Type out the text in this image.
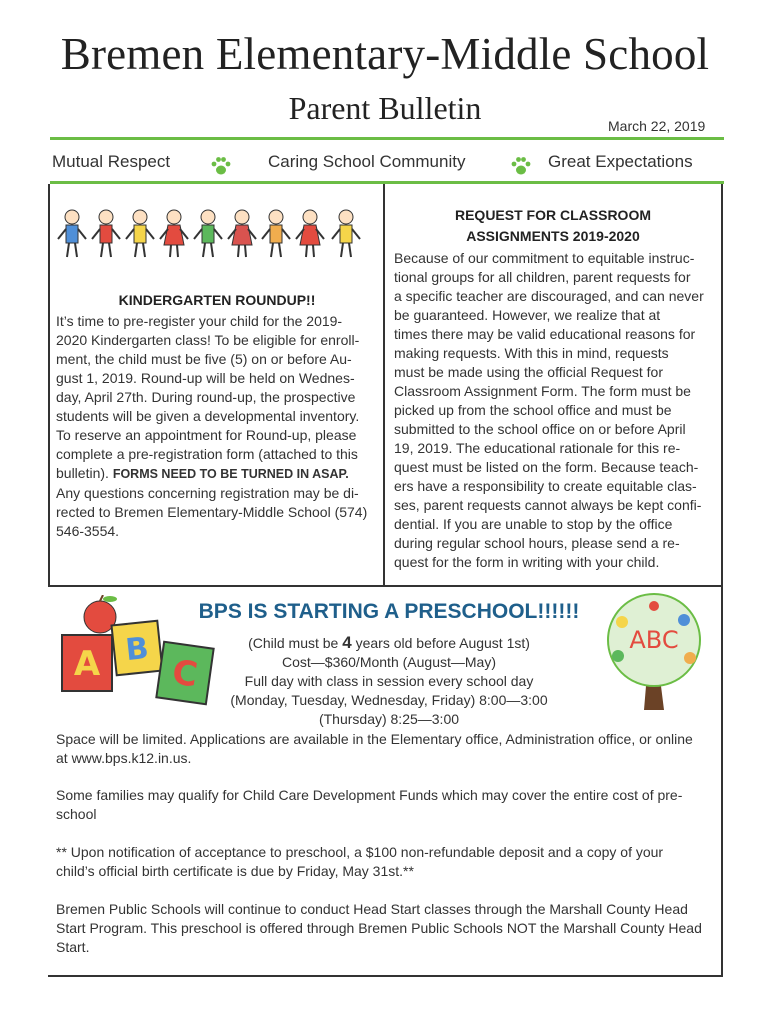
Bremen Elementary-Middle School
Parent Bulletin	March 22, 2019
Mutual Respect	Caring School Community	Great Expectations
KINDERGARTEN ROUNDUP!!
It’s time to pre-register your child for the 2019-
2020 Kindergarten class! To be eligible for enroll-
ment, the child must be five (5) on or before Au-
gust 1, 2019. Round-up will be held on Wednes-
day, April 27th. During round-up, the prospective
students will be given a developmental inventory.
To reserve an appointment for Round-up, please
complete a pre-registration form (attached to this
bulletin). FORMS NEED TO BE TURNED IN ASAP.
Any questions concerning registration may be di-
rected to Bremen Elementary-Middle School (574)
546-3554.
REQUEST FOR CLASSROOM
ASSIGNMENTS 2019-2020
Because of our commitment to equitable instruc-
tional groups for all children, parent requests for
a specific teacher are discouraged, and can never
be guaranteed. However, we realize that at
times there may be valid educational reasons for
making requests. With this in mind, requests
must be made using the official Request for
Classroom Assignment Form. The form must be
picked up from the school office and must be
submitted to the school office on or before April
19, 2019. The educational rationale for this re-
quest must be listed on the form. Because teach-
ers have a responsibility to create equitable clas-
ses, parent requests cannot always be kept confi-
dential. If you are unable to stop by the office
during regular school hours, please send a re-
quest for the form in writing with your child.
A B
C
ABC
BPS IS STARTING A PRESCHOOL!!!!!!
(Child must be 4 years old before August 1st)
Cost—$360/Month (August—May)
Full day with class in session every school day
(Monday, Tuesday, Wednesday, Friday) 8:00—3:00
(Thursday) 8:25—3:00
Space will be limited. Applications are available in the Elementary office, Administration office, or online
at www.bps.k12.in.us.
Some families may qualify for Child Care Development Funds which may cover the entire cost of pre-
school
** Upon notification of acceptance to preschool, a $100 non-refundable deposit and a copy of your
child’s official birth certificate is due by Friday, May 31st.**
Bremen Public Schools will continue to conduct Head Start classes through the Marshall County Head
Start Program. This preschool is offered through Bremen Public Schools NOT the Marshall County Head
Start.
